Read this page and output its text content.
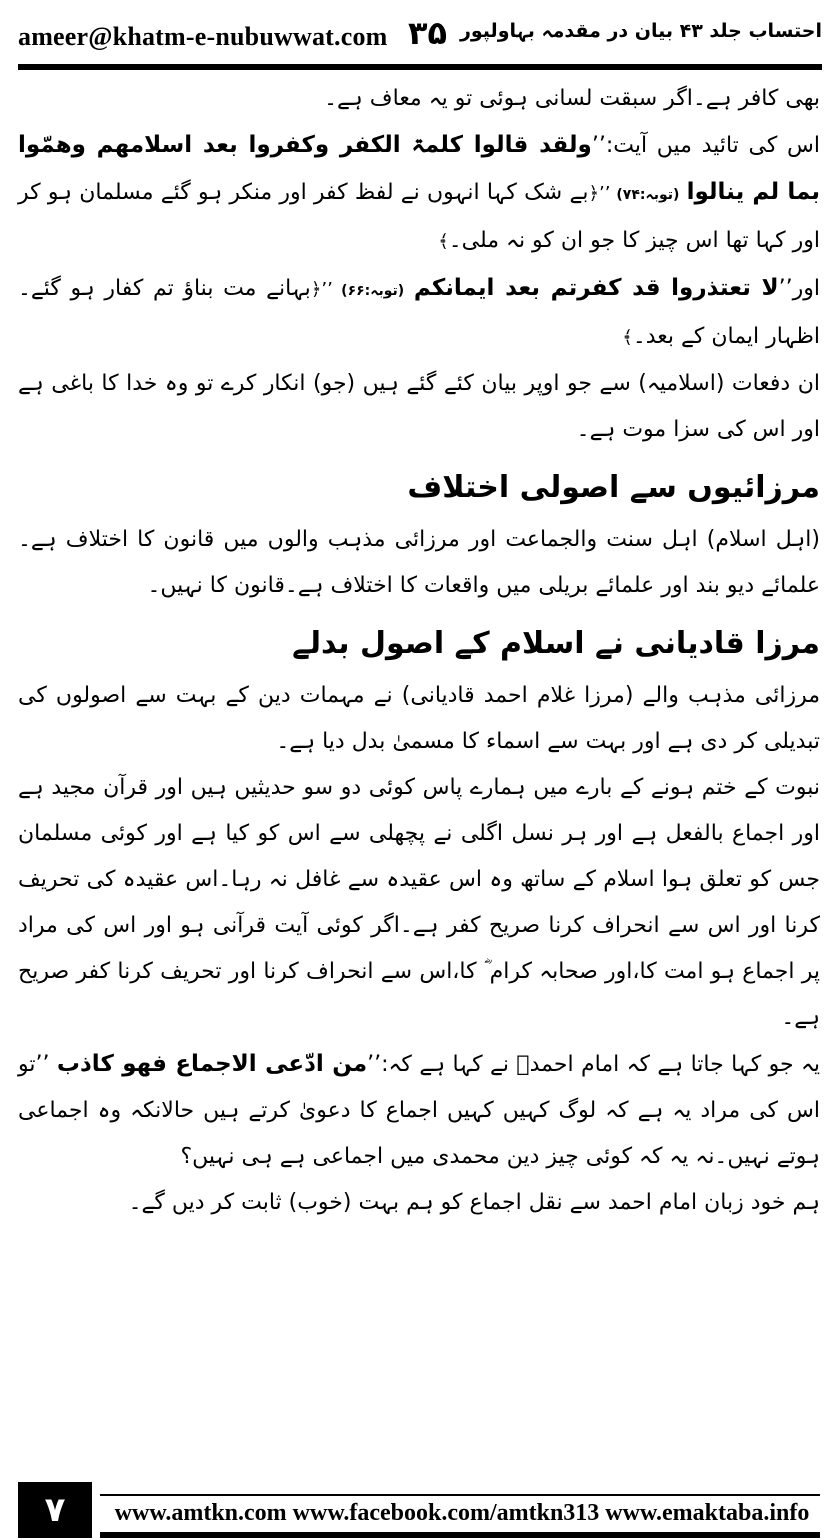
ameer@khatm-e-nubuwwat.com ۳۵ احتساب جلد ۴۳ بیان در مقدمہ بہاولپور

بھی کافر ہے۔اگر سبقت لسانی ہوئی تو یہ معاف ہے۔

اس کی تائید میں آیت:’’ولقد قالوا کلمۃ الکفر وکفروا بعد اسلامھم وھمّوا بما لم ینالوا (توبہ:۷۴) ’’﴿بے شک کہا انہوں نے لفظ کفر اور منکر ہو گئے مسلمان ہو کر اور کہا تھا اس چیز کا جو ان کو نہ ملی۔﴾

اور’’لا تعتذروا قد کفرتم بعد ایمانکم (توبہ:۶۶) ’’﴿بہانے مت بناؤ تم کفار ہو گئے۔اظہار ایمان کے بعد۔﴾

ان دفعات (اسلامیہ) سے جو اوپر بیان کئے گئے ہیں (جو) انکار کرے تو وہ خدا کا باغی ہے اور اس کی سزا موت ہے۔

مرزائیوں سے اصولی اختلاف

(اہل اسلام) اہل سنت والجماعت اور مرزائی مذہب والوں میں قانون کا اختلاف ہے۔علمائے دیو بند اور علمائے بریلی میں واقعات کا اختلاف ہے۔قانون کا نہیں۔

مرزا قادیانی نے اسلام کے اصول بدلے

مرزائی مذہب والے (مرزا غلام احمد قادیانی) نے مہمات دین کے بہت سے اصولوں کی تبدیلی کر دی ہے اور بہت سے اسماء کا مسمیٰ بدل دیا ہے۔

نبوت کے ختم ہونے کے بارے میں ہمارے پاس کوئی دو سو حدیثیں ہیں اور قرآن مجید ہے اور اجماع بالفعل ہے اور ہر نسل اگلی نے پچھلی سے اس کو کیا ہے اور کوئی مسلمان جس کو تعلق ہوا اسلام کے ساتھ وہ اس عقیدہ سے غافل نہ رہا۔اس عقیدہ کی تحریف کرنا اور اس سے انحراف کرنا صریح کفر ہے۔اگر کوئی آیت قرآنی ہو اور اس کی مراد پر اجماع ہو امت کا،اور صحابہ کرام ؓ کا،اس سے انحراف کرنا اور تحریف کرنا کفر صریح ہے۔

یہ جو کہا جاتا ہے کہ امام احمدؒ نے کہا ہے کہ:’’من ادّعی الاجماع فھو کاذب ’’تو اس کی مراد یہ ہے کہ لوگ کہیں کہیں اجماع کا دعویٰ کرتے ہیں حالانکہ وہ اجماعی ہوتے نہیں۔نہ یہ کہ کوئی چیز دین محمدی میں اجماعی ہے ہی نہیں؟

ہم خود زبان امام احمد سے نقل اجماع کو ہم بہت (خوب) ثابت کر دیں گے۔

۷	www.amtkn.com www.facebook.com/amtkn313 www.emaktaba.info
